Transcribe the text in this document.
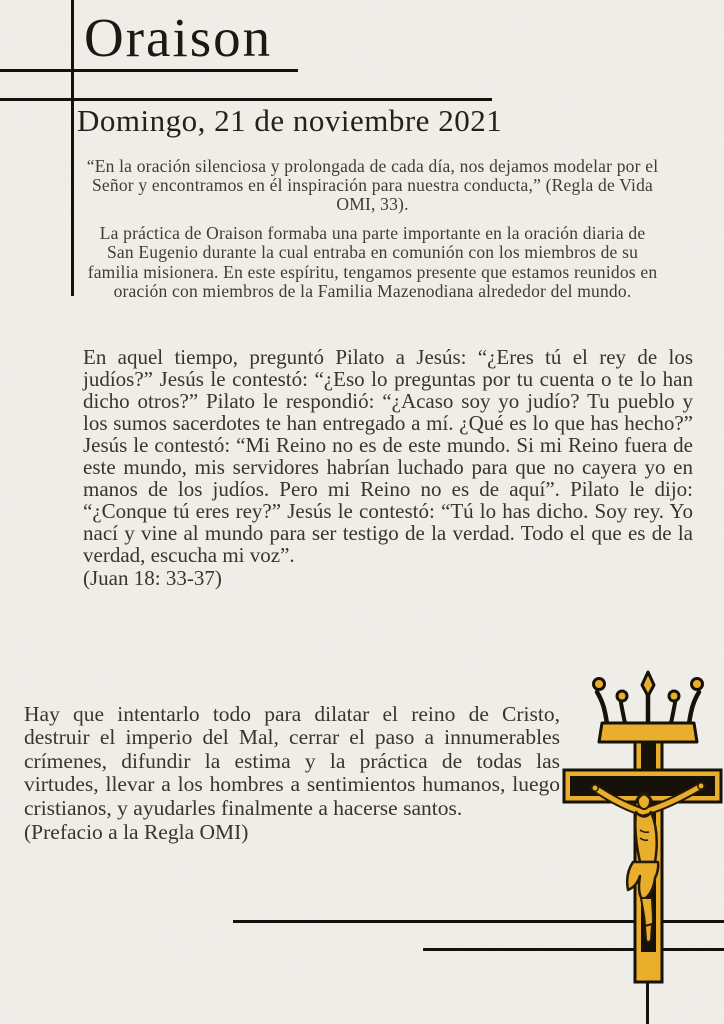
Oraison
Domingo, 21 de noviembre 2021
“En la oración silenciosa y prolongada de cada día, nos dejamos modelar por el Señor y encontramos en él inspiración para nuestra conducta,” (Regla de Vida OMI, 33).
La práctica de Oraison formaba una parte importante en la oración diaria de San Eugenio durante la cual entraba en comunión con los miembros de su familia misionera. En este espíritu, tengamos presente que estamos reunidos en oración con miembros de la Familia Mazenodiana alrededor del mundo.
En aquel tiempo, preguntó Pilato a Jesús: “¿Eres tú el rey de los judíos?” Jesús le contestó: “¿Eso lo preguntas por tu cuenta o te lo han dicho otros?” Pilato le respondió: “¿Acaso soy yo judío? Tu pueblo y los sumos sacerdotes te han entregado a mí. ¿Qué es lo que has hecho?” Jesús le contestó: “Mi Reino no es de este mundo. Si mi Reino fuera de este mundo, mis servidores habrían luchado para que no cayera yo en manos de los judíos. Pero mi Reino no es de aquí”. Pilato le dijo: “¿Conque tú eres rey?” Jesús le contestó: “Tú lo has dicho. Soy rey. Yo nací y vine al mundo para ser testigo de la verdad. Todo el que es de la verdad, escucha mi voz”.
(Juan 18: 33-37)
Hay que intentarlo todo para dilatar el reino de Cristo, destruir el imperio del Mal, cerrar el paso a innumerables crímenes, difundir la estima y la práctica de todas las virtudes, llevar a los hombres a sentimientos humanos, luego cristianos, y ayudarles finalmente a hacerse santos.
(Prefacio a la Regla OMI)
